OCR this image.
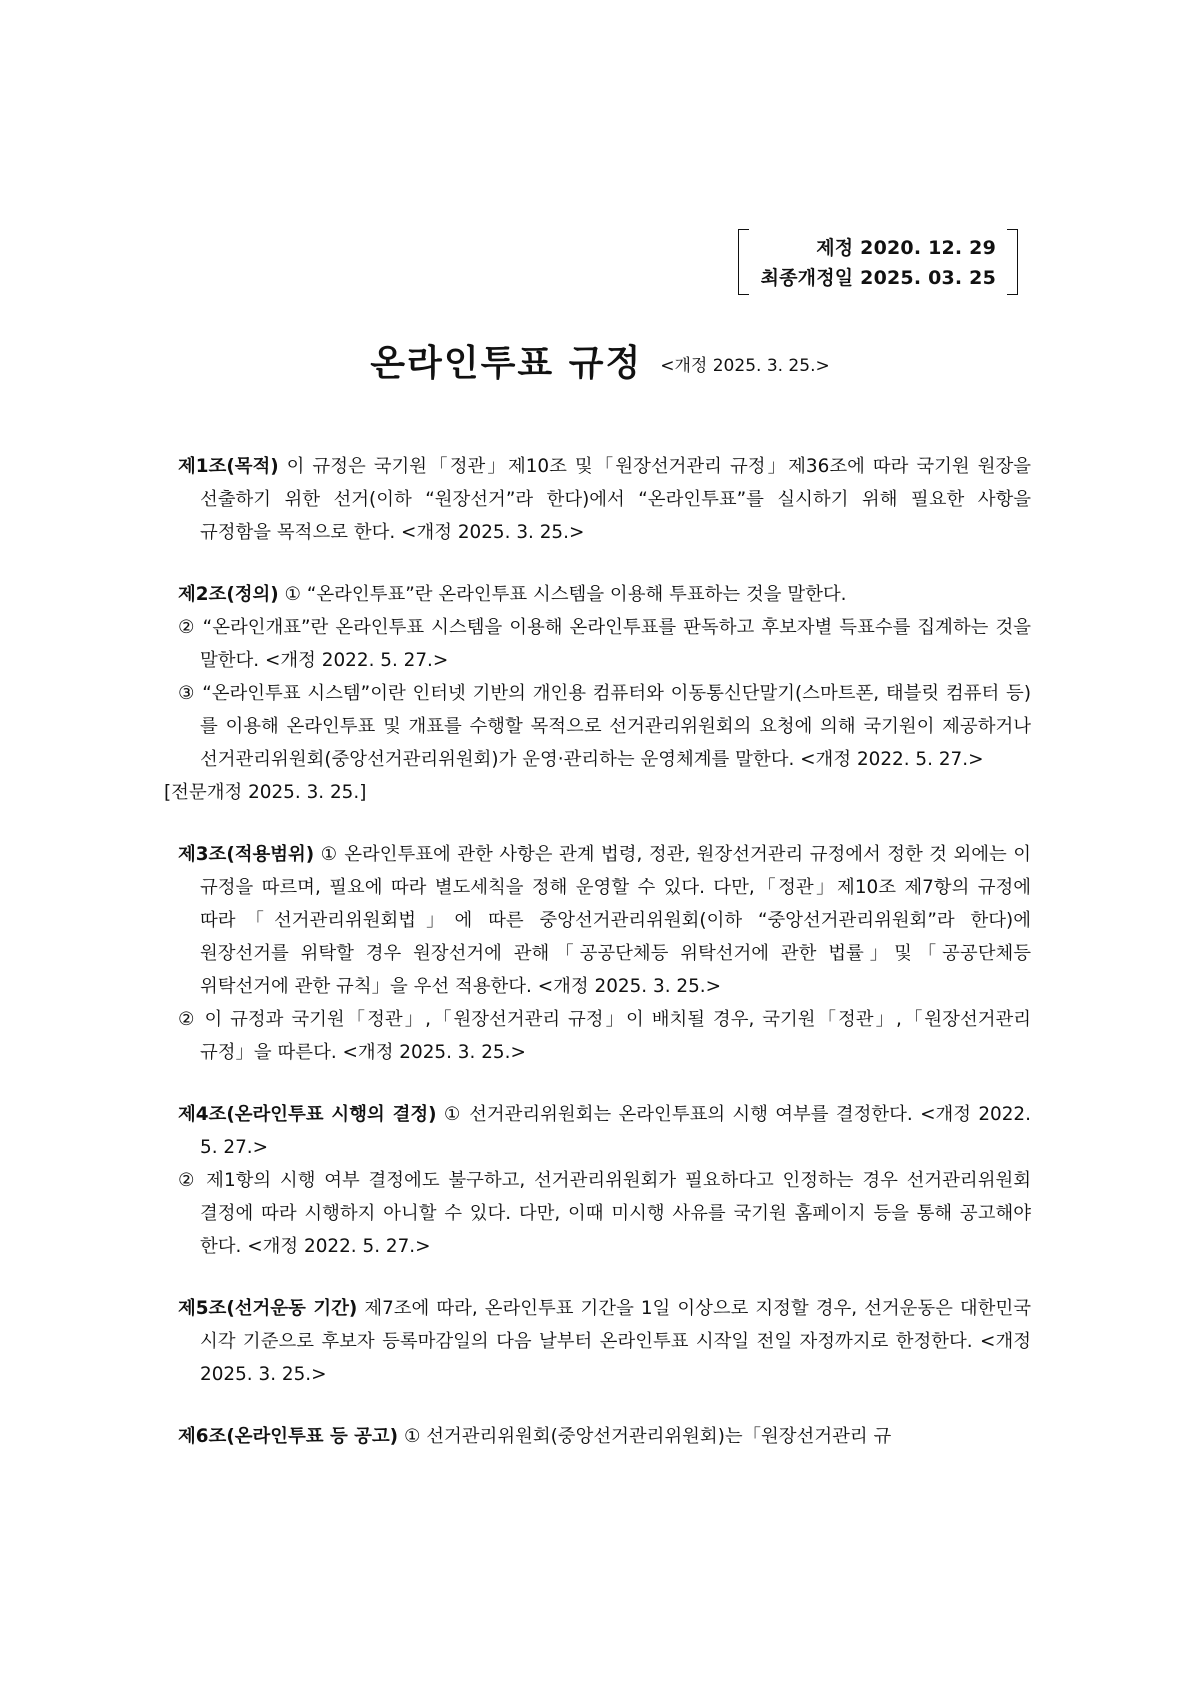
제정 2020. 12. 29
최종개정일 2025. 03. 25
온라인투표 규정 <개정 2025. 3. 25.>
제1조(목적) 이 규정은 국기원「정관」제10조 및「원장선거관리 규정」제36조에 따라 국기원 원장을 선출하기 위한 선거(이하 “원장선거”라 한다)에서 “온라인투표”를 실시하기 위해 필요한 사항을 규정함을 목적으로 한다. <개정 2025. 3. 25.>
제2조(정의) ① “온라인투표”란 온라인투표 시스템을 이용해 투표하는 것을 말한다.
② “온라인개표”란 온라인투표 시스템을 이용해 온라인투표를 판독하고 후보자별 득표수를 집계하는 것을 말한다. <개정 2022. 5. 27.>
③ “온라인투표 시스템”이란 인터넷 기반의 개인용 컴퓨터와 이동통신단말기(스마트폰, 태블릿 컴퓨터 등)를 이용해 온라인투표 및 개표를 수행할 목적으로 선거관리위원회의 요청에 의해 국기원이 제공하거나 선거관리위원회(중앙선거관리위원회)가 운영·관리하는 운영체계를 말한다. <개정 2022. 5. 27.>
[전문개정 2025. 3. 25.]
제3조(적용범위) ① 온라인투표에 관한 사항은 관계 법령, 정관, 원장선거관리 규정에서 정한 것 외에는 이 규정을 따르며, 필요에 따라 별도세칙을 정해 운영할 수 있다. 다만,「정관」제10조 제7항의 규정에 따라「선거관리위원회법」에 따른 중앙선거관리위원회(이하 “중앙선거관리위원회”라 한다)에 원장선거를 위탁할 경우 원장선거에 관해「공공단체등 위탁선거에 관한 법률」및「공공단체등 위탁선거에 관한 규칙」을 우선 적용한다. <개정 2025. 3. 25.>
② 이 규정과 국기원「정관」,「원장선거관리 규정」이 배치될 경우, 국기원「정관」,「원장선거관리 규정」을 따른다. <개정 2025. 3. 25.>
제4조(온라인투표 시행의 결정) ① 선거관리위원회는 온라인투표의 시행 여부를 결정한다. <개정 2022. 5. 27.>
② 제1항의 시행 여부 결정에도 불구하고, 선거관리위원회가 필요하다고 인정하는 경우 선거관리위원회 결정에 따라 시행하지 아니할 수 있다. 다만, 이때 미시행 사유를 국기원 홈페이지 등을 통해 공고해야 한다. <개정 2022. 5. 27.>
제5조(선거운동 기간) 제7조에 따라, 온라인투표 기간을 1일 이상으로 지정할 경우, 선거운동은 대한민국 시각 기준으로 후보자 등록마감일의 다음 날부터 온라인투표 시작일 전일 자정까지로 한정한다. <개정 2025. 3. 25.>
제6조(온라인투표 등 공고) ① 선거관리위원회(중앙선거관리위원회)는「원장선거관리 규
